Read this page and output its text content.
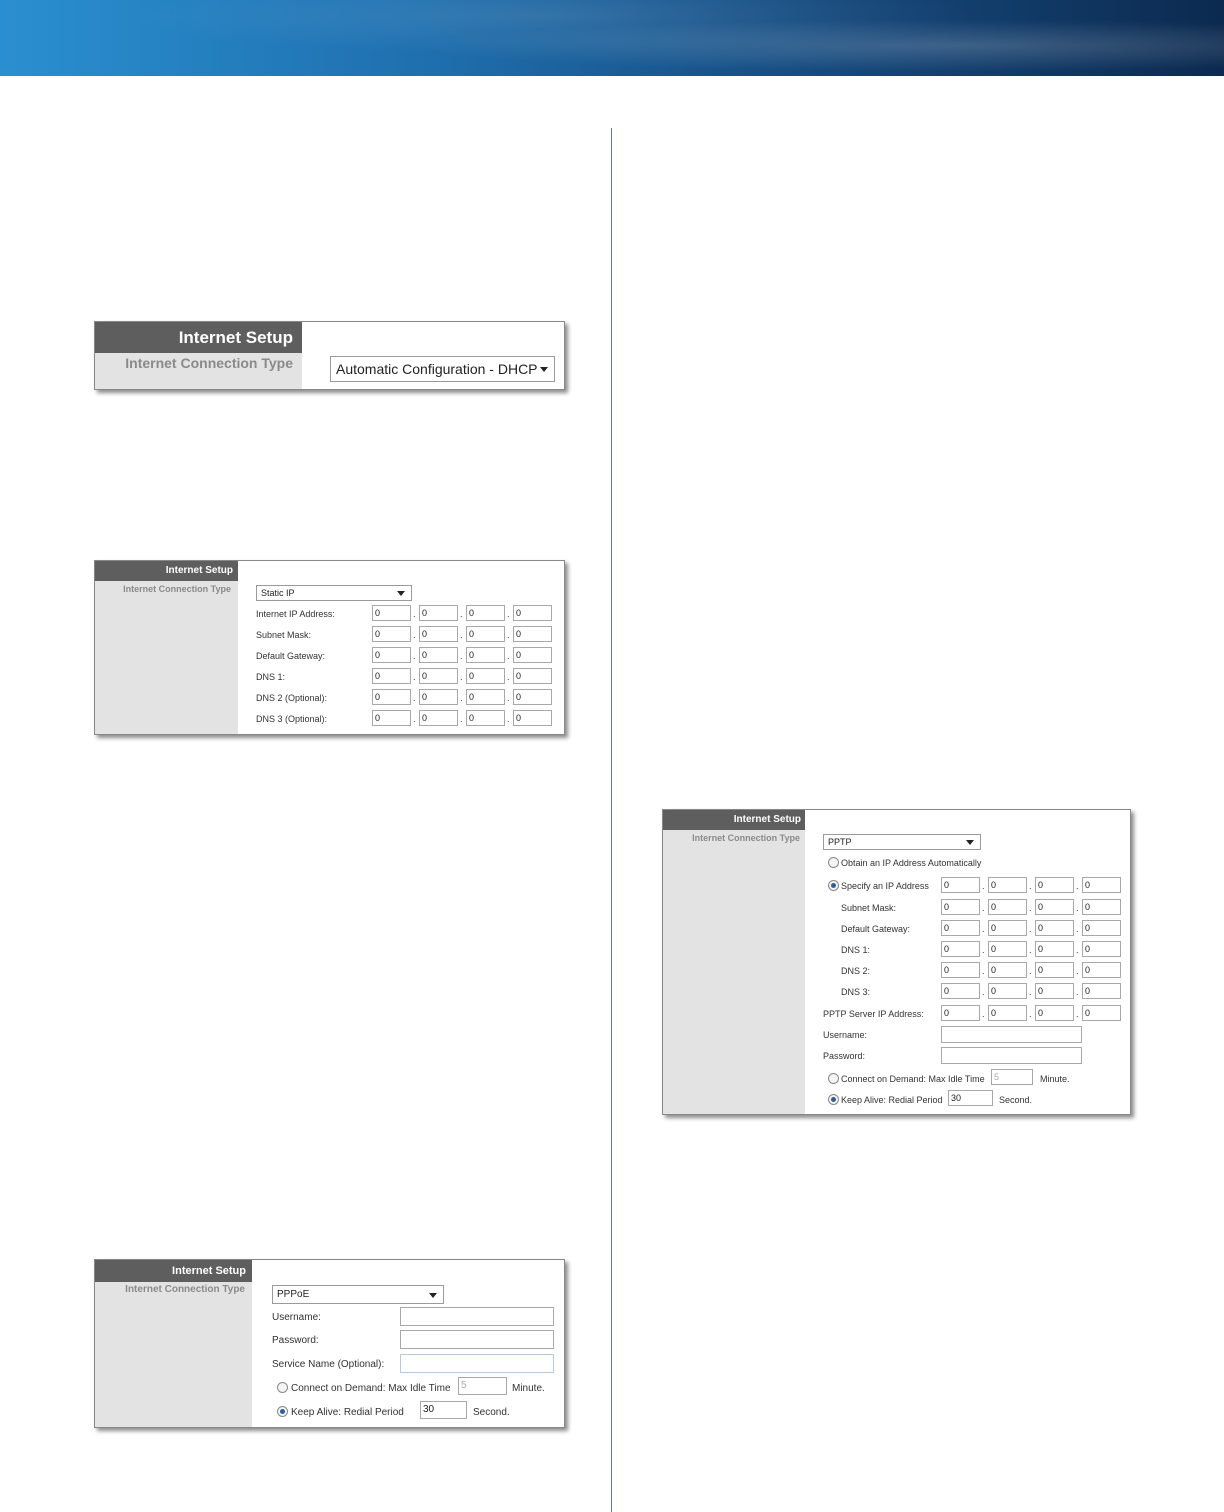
Internet Setup
Internet Connection Type	Automatic Configuration - DHCP
Internet Setup
Internet Connection Type	Static IP
Internet IP Address:	0	. 0	. 0	. 0
Subnet Mask:	0	. 0	. 0	. 0
Default Gateway:	0	. 0	. 0	. 0
DNS 1:	0	. 0	. 0	. 0
DNS 2 (Optional):	0	. 0	. 0	. 0
DNS 3 (Optional):	0	. 0	. 0	. 0
Internet Setup
Internet Connection Type	PPPoE
Username:
Password:
Service Name (Optional):
Connect on Demand: Max Idle Time	5	Minute.
Keep Alive: Redial Period	30	Second.
Internet Setup
Internet Connection Type	PPTP
Obtain an IP Address Automatically
Specify an IP Address	0	. 0	. 0	. 0
Subnet Mask:	0	. 0	. 0	. 0
Default Gateway:	0	. 0	. 0	. 0
DNS 1:	0	. 0	. 0	. 0
DNS 2:	0	. 0	. 0	. 0
DNS 3:	0	. 0	. 0	. 0
PPTP Server IP Address:	0	. 0	. 0	. 0
Username:
Password:
Connect on Demand: Max Idle Time	5	Minute.
Keep Alive: Redial Period 30	Second.
